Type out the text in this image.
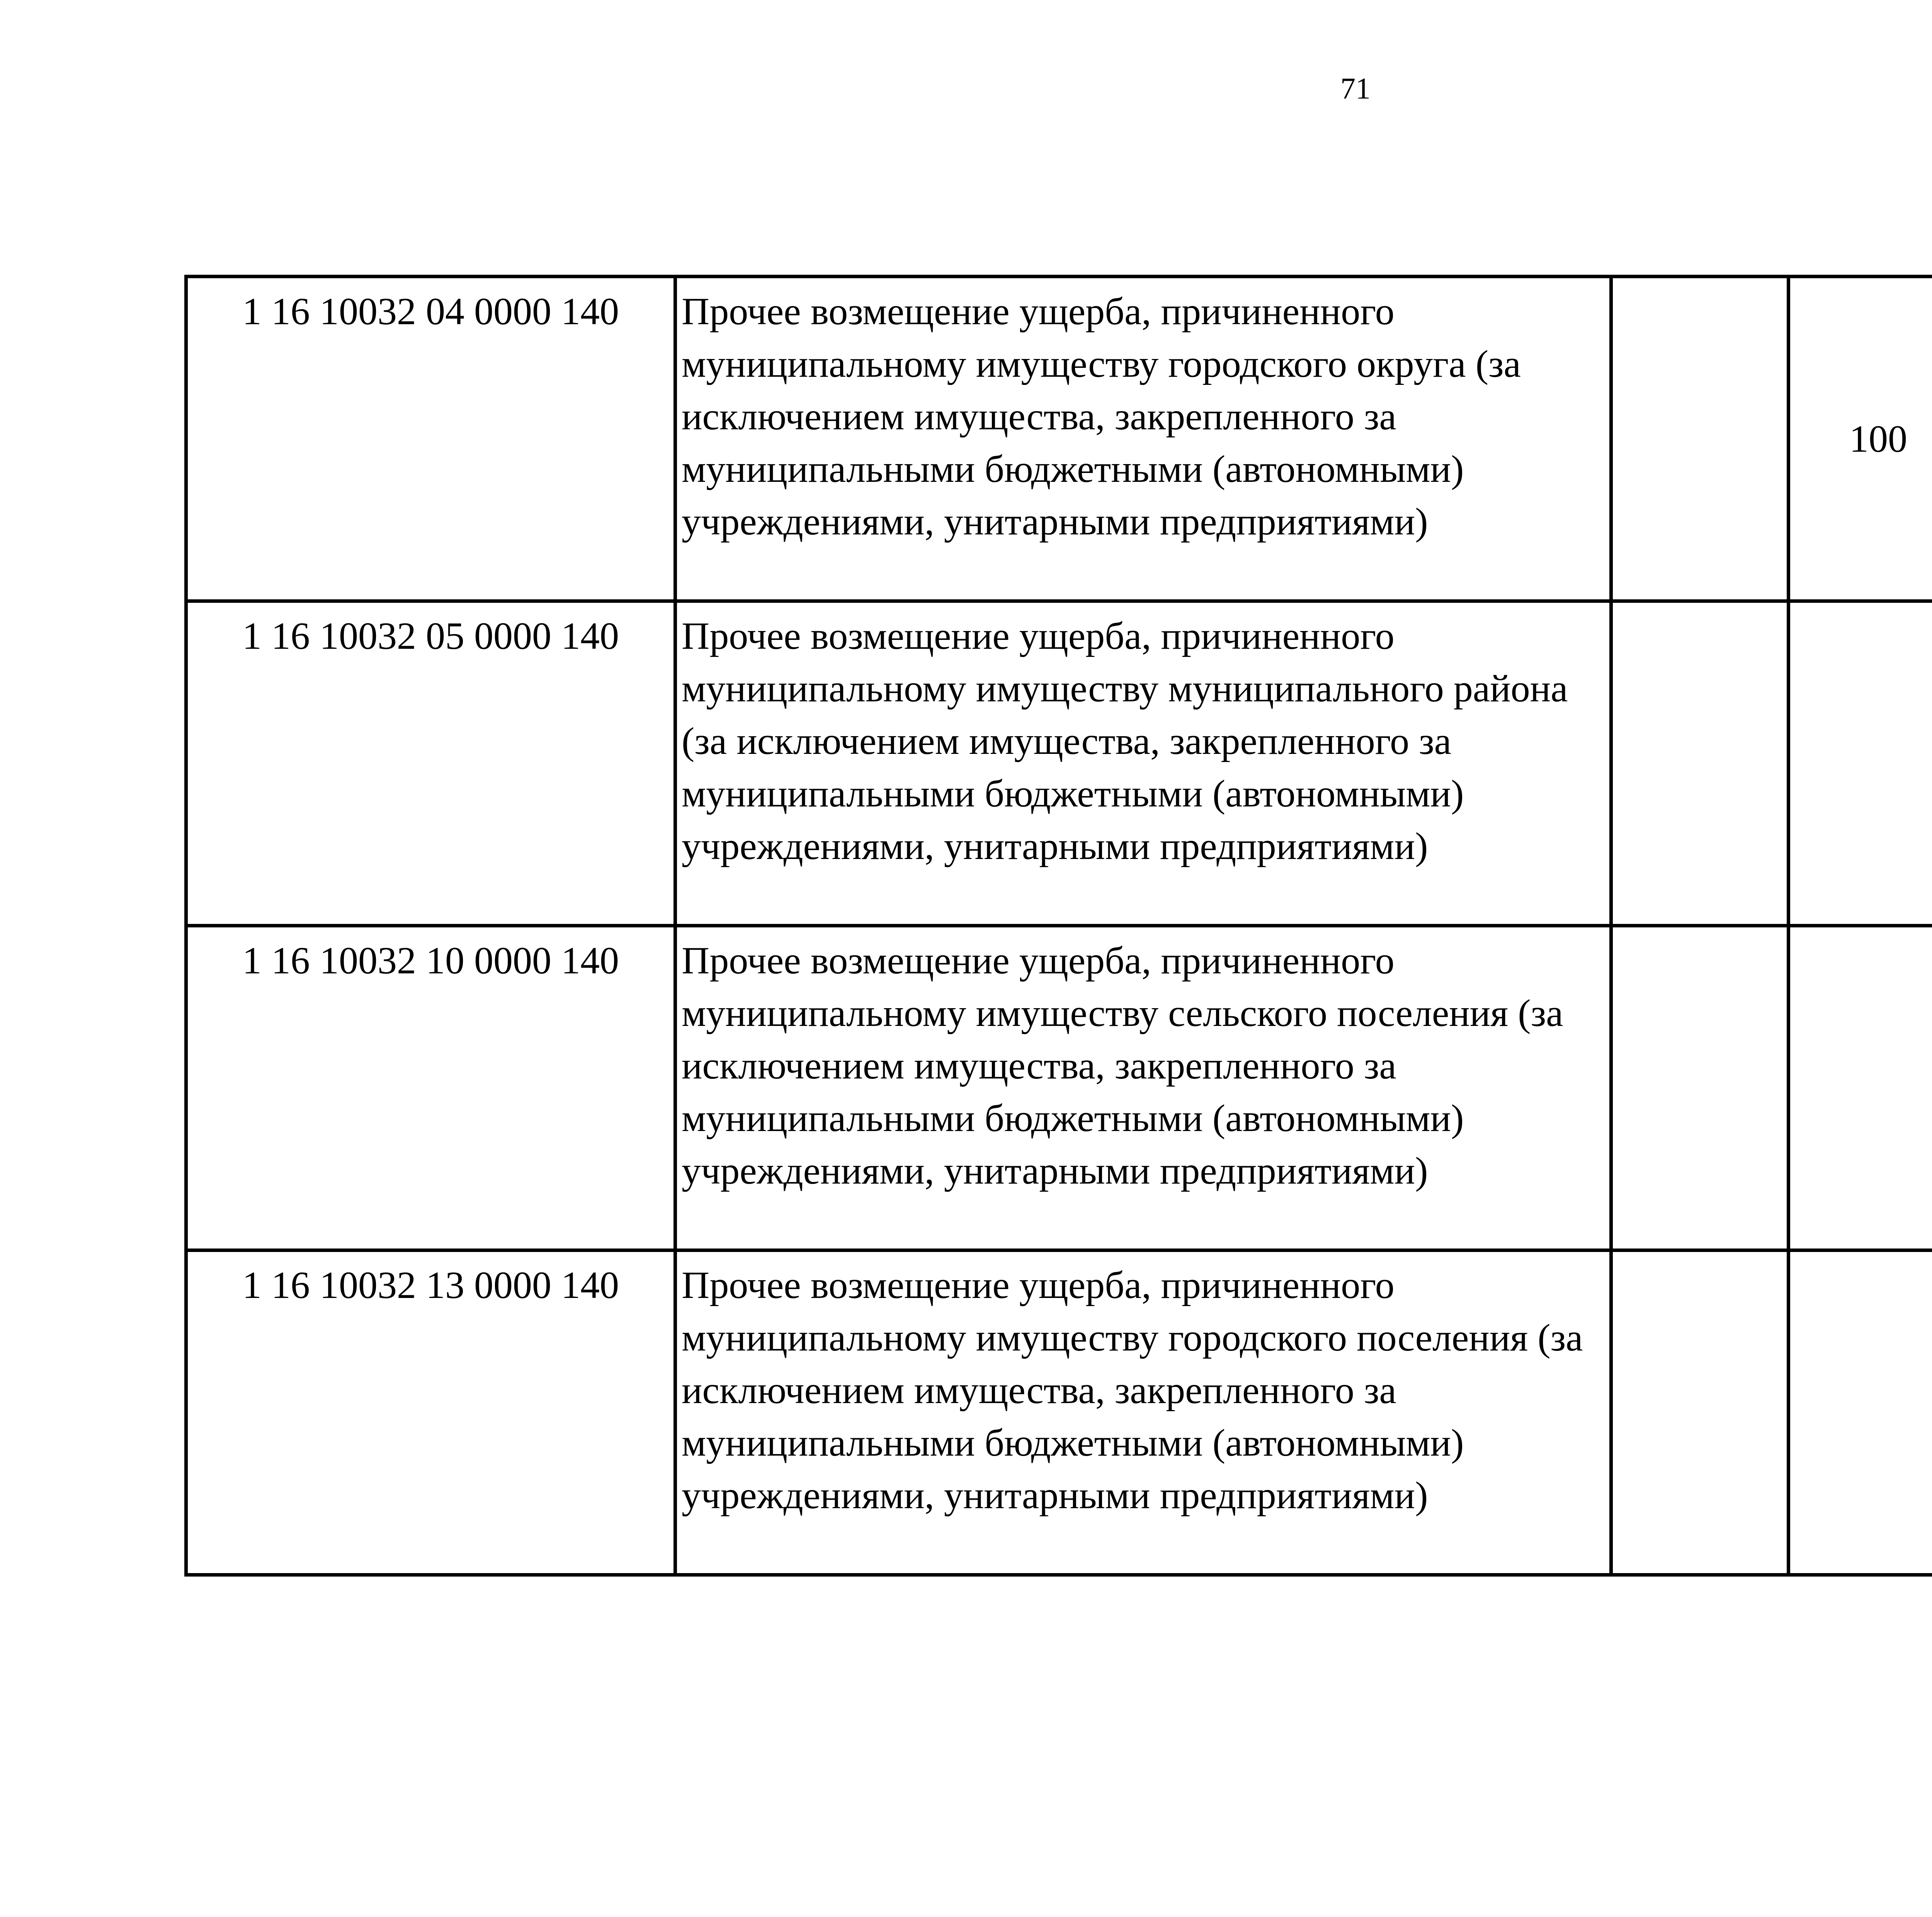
71
1 16 10032 04 0000 140	Прочее возмещение ущерба, причиненного муниципальному имуществу городского округа (за исключением имущества, закрепленного за муниципальными бюджетными (автономными) учреждениями, унитарными предприятиями)		100			
1 16 10032 05 0000 140	Прочее возмещение ущерба, причиненного муниципальному имуществу муниципального района (за исключением имущества, закрепленного за муниципальными бюджетными (автономными) учреждениями, унитарными предприятиями)					
1 16 10032 10 0000 140	Прочее возмещение ущерба, причиненного муниципальному имуществу сельского поселения (за исключением имущества, закрепленного за муниципальными бюджетными (автономными) учреждениями, унитарными предприятиями)					
1 16 10032 13 0000 140	Прочее возмещение ущерба, причиненного муниципальному имуществу городского поселения (за исключением имущества, закрепленного за муниципальными бюджетными (автономными) учреждениями, унитарными предприятиями)					
